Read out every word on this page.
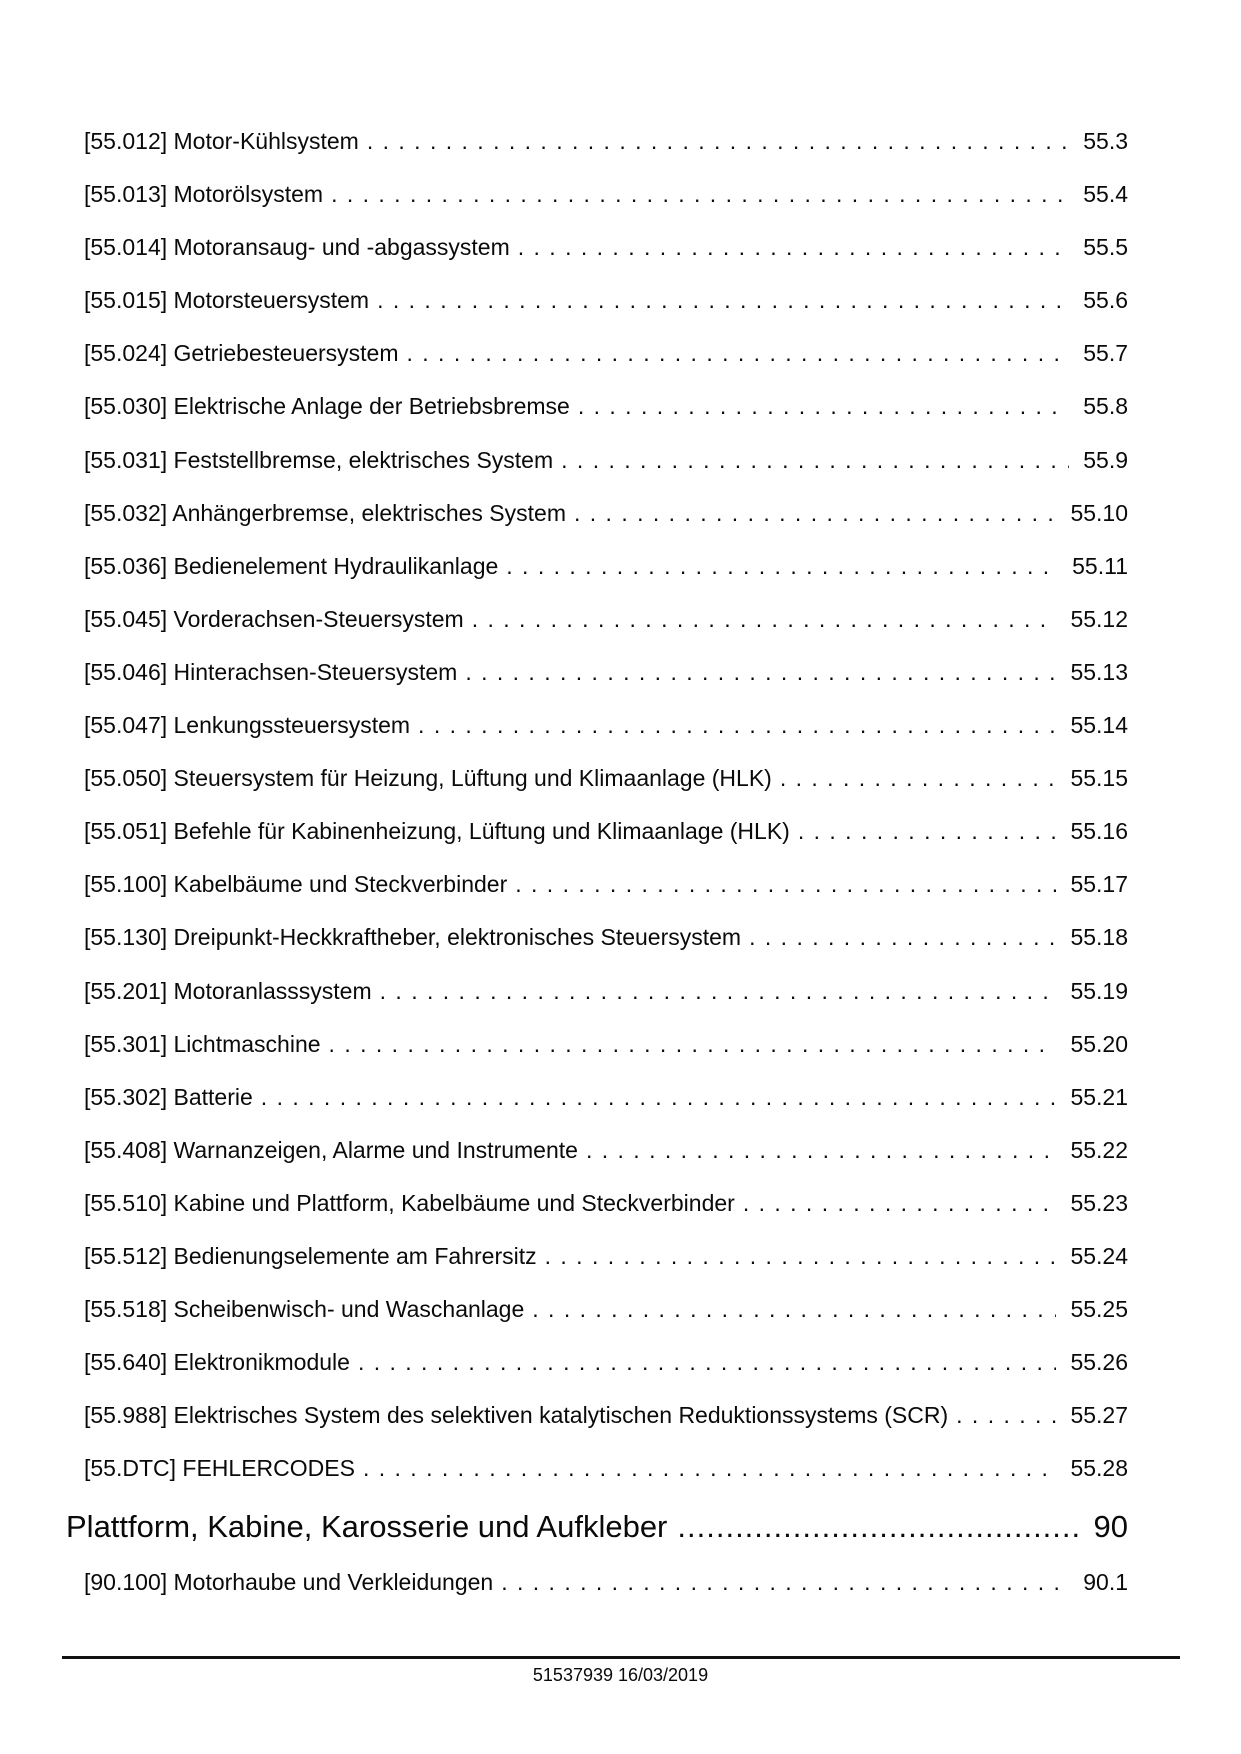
[55.012] Motor-Kühlsystem . . .	55.3
[55.013] Motorölsystem . . .	55.4
[55.014] Motoransaug- und -abgassystem . . .	55.5
[55.015] Motorsteuersystem . . .	55.6
[55.024] Getriebesteuersystem . . .	55.7
[55.030] Elektrische Anlage der Betriebsbremse . . .	55.8
[55.031] Feststellbremse, elektrisches System . . .	55.9
[55.032] Anhängerbremse, elektrisches System . . .	55.10
[55.036] Bedienelement Hydraulikanlage . . .	55.11
[55.045] Vorderachsen-Steuersystem . . .	55.12
[55.046] Hinterachsen-Steuersystem . . .	55.13
[55.047] Lenkungssteuersystem . . .	55.14
[55.050] Steuersystem für Heizung, Lüftung und Klimaanlage (HLK) . . .	55.15
[55.051] Befehle für Kabinenheizung, Lüftung und Klimaanlage (HLK) . . .	55.16
[55.100] Kabelbäume und Steckverbinder . . .	55.17
[55.130] Dreipunkt-Heckkraftheber, elektronisches Steuersystem . . .	55.18
[55.201] Motoranlasssystem . . .	55.19
[55.301] Lichtmaschine . . .	55.20
[55.302] Batterie . . .	55.21
[55.408] Warnanzeigen, Alarme und Instrumente . . .	55.22
[55.510] Kabine und Plattform, Kabelbäume und Steckverbinder . . .	55.23
[55.512] Bedienungselemente am Fahrersitz . . .	55.24
[55.518] Scheibenwisch- und Waschanlage . . .	55.25
[55.640] Elektronikmodule . . .	55.26
[55.988] Elektrisches System des selektiven katalytischen Reduktionssystems (SCR) . . .	55.27
[55.DTC] FEHLERCODES . . .	55.28
Plattform, Kabine, Karosserie und Aufkleber .....	90
[90.100] Motorhaube und Verkleidungen . . .	90.1
51537939 16/03/2019
